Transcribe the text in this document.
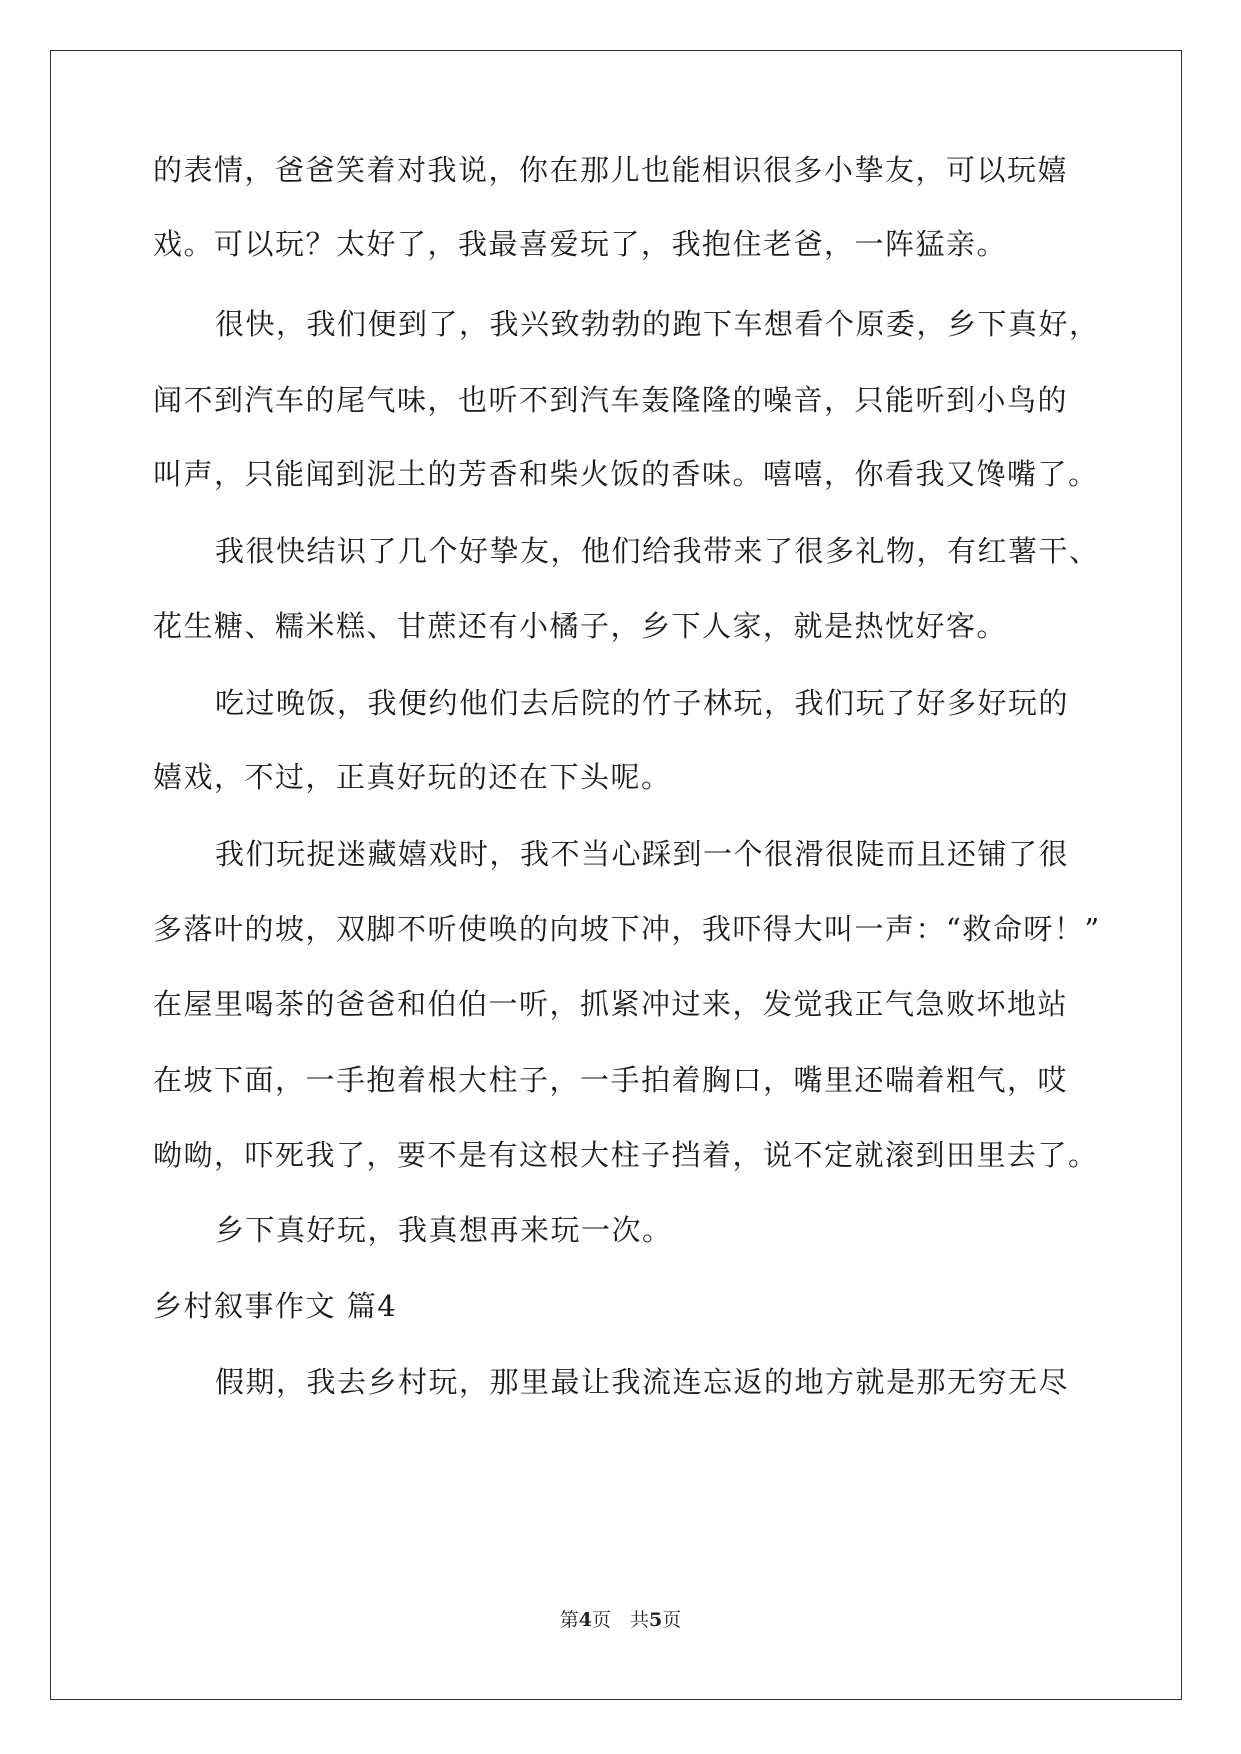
的表情，爸爸笑着对我说，你在那儿也能相识很多小挚友，可以玩嬉
戏。可以玩？太好了，我最喜爱玩了，我抱住老爸，一阵猛亲。
很快，我们便到了，我兴致勃勃的跑下车想看个原委，乡下真好，
闻不到汽车的尾气味，也听不到汽车轰隆隆的噪音，只能听到小鸟的
叫声，只能闻到泥土的芳香和柴火饭的香味。嘻嘻，你看我又馋嘴了。
我很快结识了几个好挚友，他们给我带来了很多礼物，有红薯干、
花生糖、糯米糕、甘蔗还有小橘子，乡下人家，就是热忱好客。
吃过晚饭，我便约他们去后院的竹子林玩，我们玩了好多好玩的
嬉戏，不过，正真好玩的还在下头呢。
我们玩捉迷藏嬉戏时，我不当心踩到一个很滑很陡而且还铺了很
多落叶的坡，双脚不听使唤的向坡下冲，我吓得大叫一声：“救命呀！”
在屋里喝茶的爸爸和伯伯一听，抓紧冲过来，发觉我正气急败坏地站
在坡下面，一手抱着根大柱子，一手拍着胸口，嘴里还喘着粗气，哎
呦呦，吓死我了，要不是有这根大柱子挡着，说不定就滚到田里去了。
乡下真好玩，我真想再来玩一次。
乡村叙事作文 篇4
假期，我去乡村玩，那里最让我流连忘返的地方就是那无穷无尽
第4页　共5页
